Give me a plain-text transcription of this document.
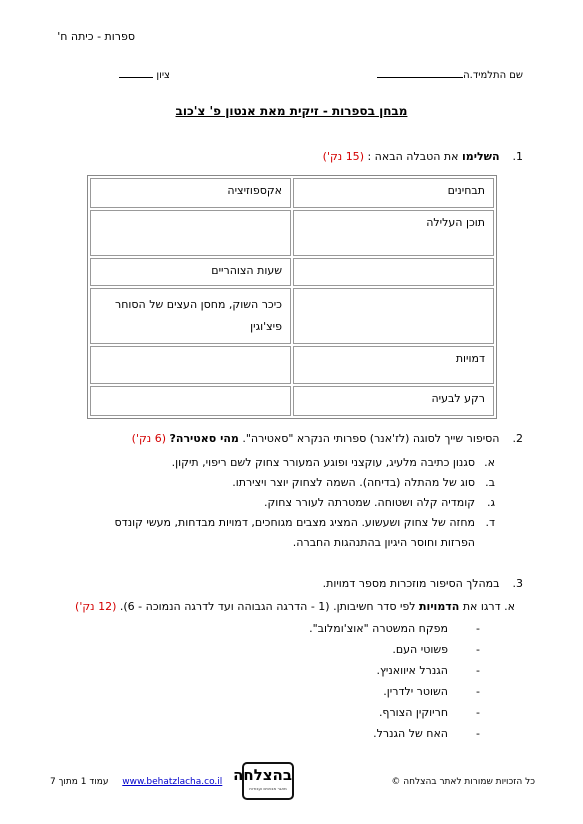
ספרות - כיתה ח'
שם התלמיד.ה
ציון
מבחן בספרות - זיקית מאת אנטון פ' צ'כוב
1.  השלימו את הטבלה הבאה : (15 נק')
תבחינים	אקספוזיציה
תוכן העלילה	
	שעות הצוהריים
	כיכר השוק, מחסן העצים של הסוחר פיצ'וגין
דמויות	
רקע לבעיה	
2.  הסיפור שייך לסוגה (לז'אנר) ספרותי הנקרא "סאטירה". מהי סאטירה? (6 נק')
א.סגנון כתיבה מלעיג, עוקצני ופוגע המעורר צחוק לשם ריפוי, תיקון.
ב.סוג של מהתלה (בדיחה). השמה לצחוק יוצר ויצירתו.
ג.קומדיה קלה ושטוחה. שמטרתה לעורר צחוק.
ד.מחזה של צחוק ושעשוע. המציג מצבים מגוחכים, דמויות מבדחות, מעשי קונדס
הפרזות וחוסר היגיון בהתנהגות החברה.
3.  במהלך הסיפור מוזכרות מספר דמויות.
א. דרגו את הדמויות לפי סדר חשיבותן. (1 - הדרגה הגבוהה ועד לדרגה הנמוכה - 6). (12 נק')
-מפקח המשטרה "אוצ'ומלוב".
-פשוטי העם.
-הגנרל איוואניץ.
-השוטר ילדרין.
-חריוקין הצורף.
-האח של הגנרל.
כל הזכויות שמורות לאתר בהצלחה ©
בהצלחה
מאגר מבחנים ועבודות
www.behatzlacha.co.il  עמוד 1 מתוך 7
